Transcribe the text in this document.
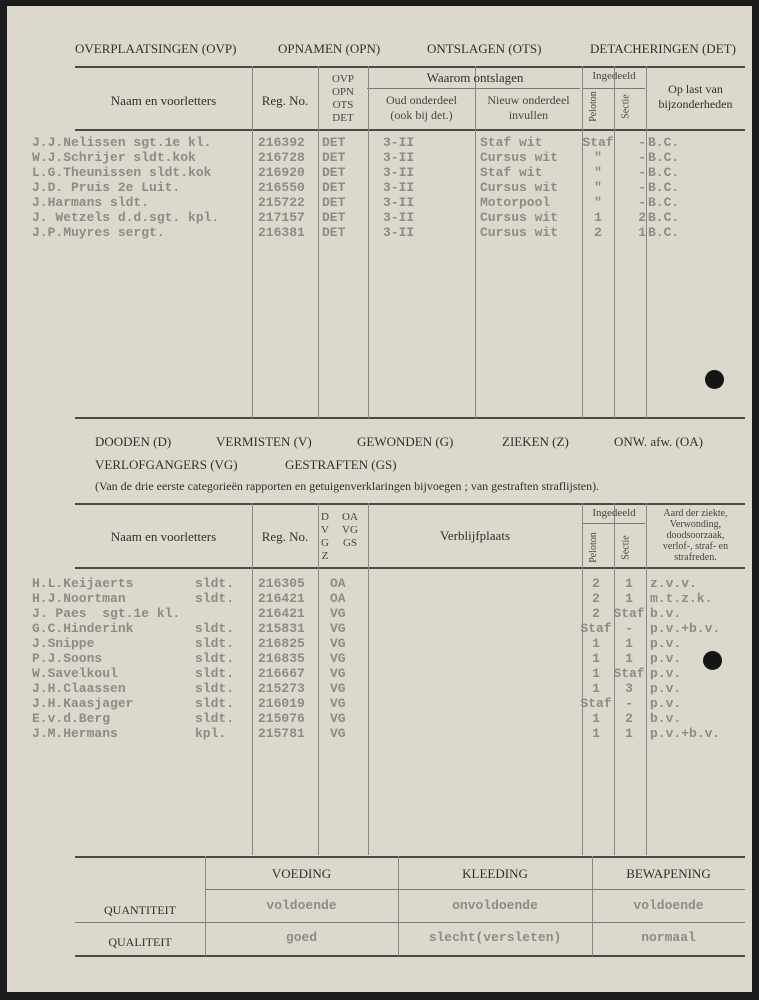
OVERPLAATSINGEN (OVP)	OPNAMEN (OPN)	ONTSLAGEN (OTS)	DETACHERINGEN (DET)
Naam en voorletters	Reg. No.
OVP
OPN
OTS
DET
Waarom ontslagen
Oud onderdeel
(ook bij det.)
Nieuw onderdeel
invullen
Ingedeeld
Peloton Sectie
Op last van
bijzonderheden
J.J.Nelissen sgt.1e kl.	216392 DET	3-II	Staf wit	Staf	- B.C.
W.J.Schrijer sldt.kok	216728 DET	3-II	Cursus wit	"	- B.C.
L.G.Theunissen sldt.kok	216920 DET	3-II	Staf wit	"	- B.C.
J.D. Pruis 2e Luit.	216550 DET	3-II	Cursus wit	"	- B.C.
J.Harmans sldt.	215722 DET	3-II	Motorpool	"	- B.C.
J. Wetzels d.d.sgt. kpl.	217157 DET	3-II	Cursus wit	1	2 B.C.
J.P.Muyres sergt.	216381 DET	3-II	Cursus wit	2	1 B.C.
DOODEN (D)	VERMISTEN (V)	GEWONDEN (G)	ZIEKEN (Z)	ONW. afw. (OA)
VERLOFGANGERS (VG)	GESTRAFTEN (GS)
(Van de drie eerste categorieën rapporten en getuigenverklaringen bijvoegen ; van gestraften straflijsten).
Naam en voorletters	Reg. No.
D
V
G
Z
OA
VG
GS	Verblijfplaats
Ingedeeld
Peloton Sectie
Aard der ziekte,
Verwonding,
doodsoorzaak,
verlof-, straf- en
strafreden.
H.L.Keijaerts	sldt. 216305 OA	2	1	z.v.v.
H.J.Noortman	sldt. 216421 OA	2	1	m.t.z.k.
J. Paes  sgt.1e kl.	216421 VG	2	Staf b.v.
G.C.Hinderink	sldt. 215831 VG	Staf	-	p.v.+b.v.
J.Snippe	sldt. 216825 VG	1	1	p.v.
P.J.Soons	sldt. 216835 VG	1	1	p.v.
W.Savelkoul	sldt. 216667 VG	1	Staf p.v.
J.H.Claassen	sldt. 215273 VG	1	3	p.v.
J.H.Kaasjager	sldt. 216019 VG	Staf	-	p.v.
E.v.d.Berg	sldt. 215076 VG	1	2	b.v.
J.M.Hermans	kpl. 215781 VG	1	1	p.v.+b.v.
VOEDING	KLEEDING	BEWAPENING
QUANTITEIT	voldoende	onvoldoende	voldoende
QUALITEIT	goed	slecht(versleten)	normaal
